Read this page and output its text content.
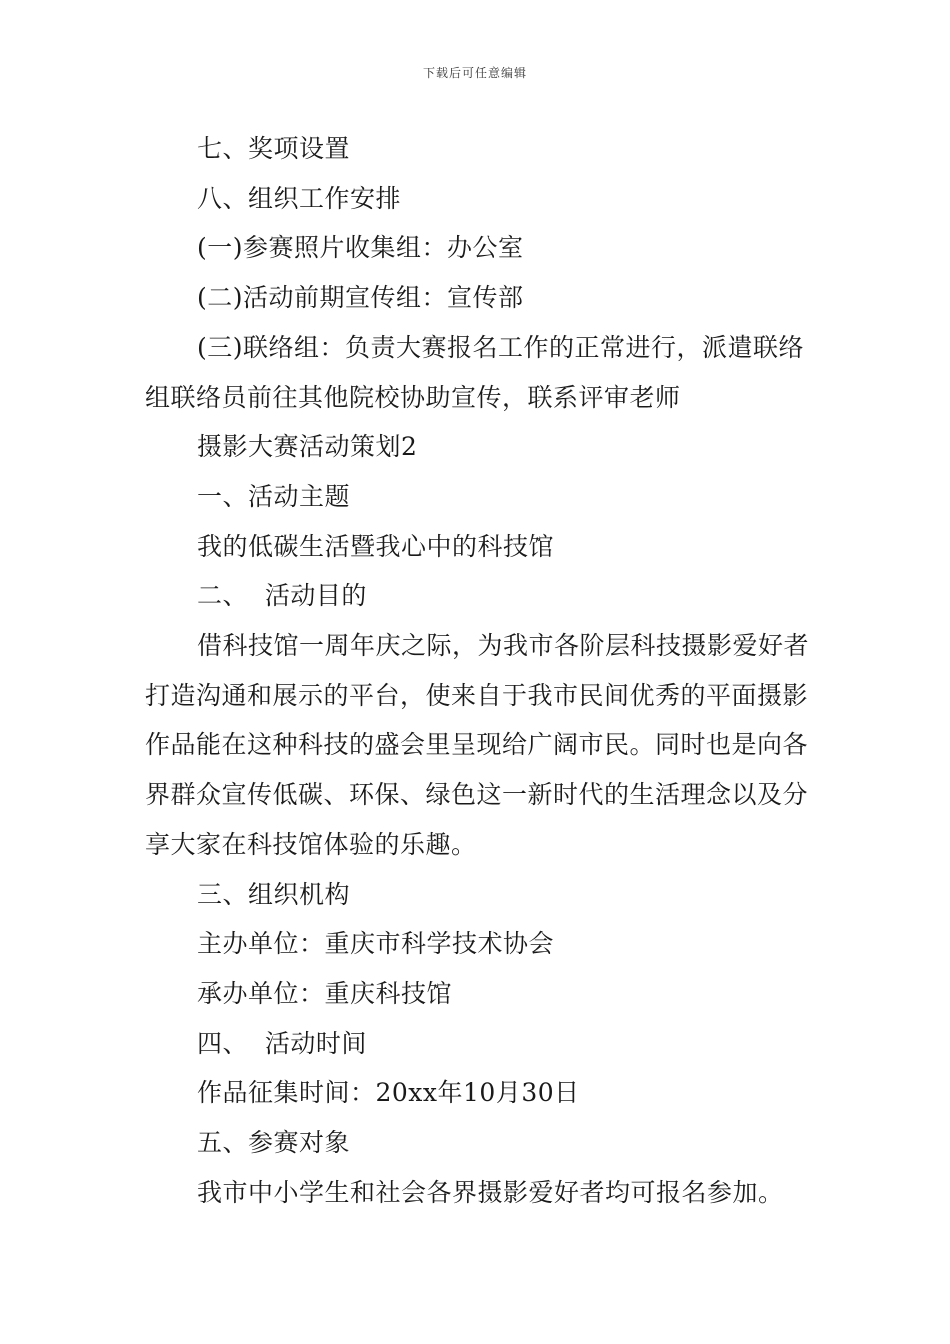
下载后可任意编辑

七、奖项设置

八、组织工作安排

(一)参赛照片收集组：办公室

(二)活动前期宣传组：宣传部

(三)联络组：负责大赛报名工作的正常进行，派遣联络组联络员前往其他院校协助宣传，联系评审老师

摄影大赛活动策划2

一、活动主题

我的低碳生活暨我心中的科技馆

二、  活动目的

借科技馆一周年庆之际，为我市各阶层科技摄影爱好者打造沟通和展示的平台，使来自于我市民间优秀的平面摄影作品能在这种科技的盛会里呈现给广阔市民。同时也是向各界群众宣传低碳、环保、绿色这一新时代的生活理念以及分享大家在科技馆体验的乐趣。

三、组织机构

主办单位：重庆市科学技术协会

承办单位：重庆科技馆

四、  活动时间

作品征集时间：20xx年10月30日

五、参赛对象

我市中小学生和社会各界摄影爱好者均可报名参加。
